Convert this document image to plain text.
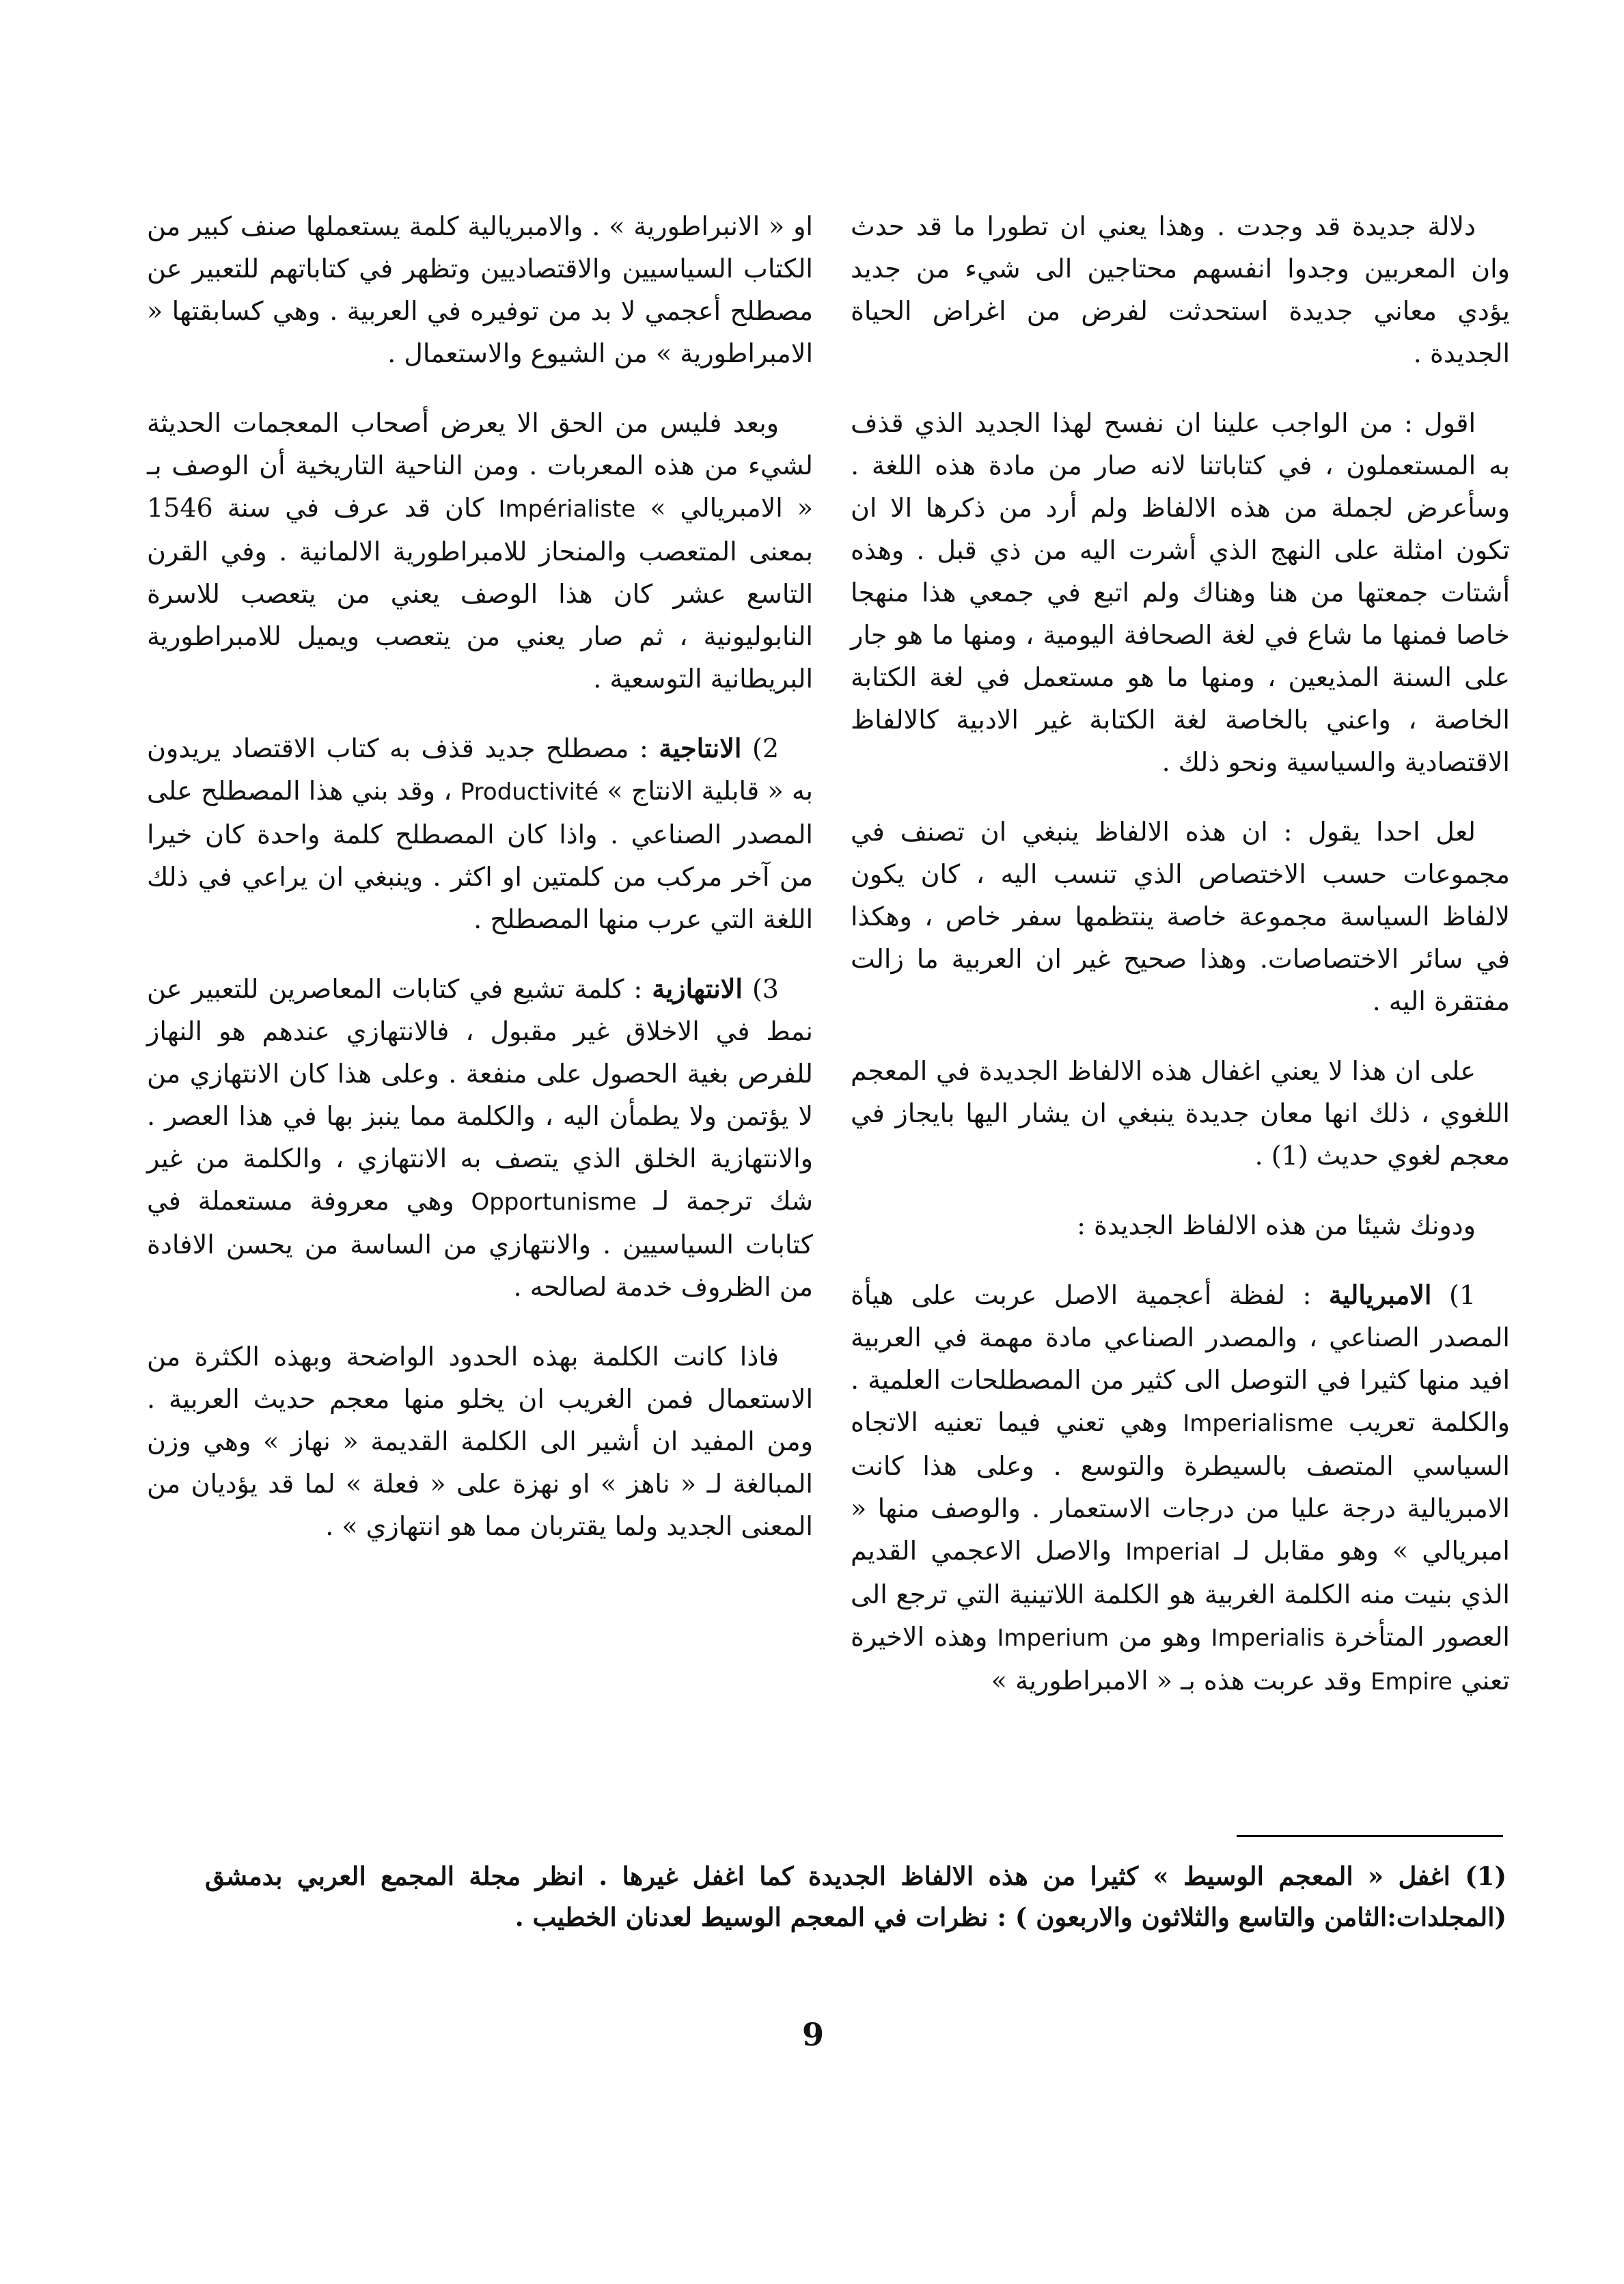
دلالة جديدة قد وجدت . وهذا يعني ان تطورا ما قد حدث وان المعربين وجدوا انفسهم محتاجين الى شيء من جديد يؤدي معاني جديدة استحدثت لفرض من اغراض الحياة الجديدة .

اقول : من الواجب علينا ان نفسح لهذا الجديد الذي قذف به المستعملون ، في كتاباتنا لانه صار من مادة هذه اللغة . وسأعرض لجملة من هذه الالفاظ ولم أرد من ذكرها الا ان تكون امثلة على النهج الذي أشرت اليه من ذي قبل . وهذه أشتات جمعتها من هنا وهناك ولم اتبع في جمعي هذا منهجا خاصا فمنها ما شاع في لغة الصحافة اليومية ، ومنها ما هو جار على السنة المذيعين ، ومنها ما هو مستعمل في لغة الكتابة الخاصة ، واعني بالخاصة لغة الكتابة غير الادبية كالالفاظ الاقتصادية والسياسية ونحو ذلك .

لعل احدا يقول : ان هذه الالفاظ ينبغي ان تصنف في مجموعات حسب الاختصاص الذي تنسب اليه ، كان يكون لالفاظ السياسة مجموعة خاصة ينتظمها سفر خاص ، وهكذا في سائر الاختصاصات. وهذا صحيح غير ان العربية ما زالت مفتقرة اليه .

على ان هذا لا يعني اغفال هذه الالفاظ الجديدة في المعجم اللغوي ، ذلك انها معان جديدة ينبغي ان يشار اليها بايجاز في معجم لغوي حديث (1) .

ودونك شيئا من هذه الالفاظ الجديدة :

1) الامبريالية : لفظة أعجمية الاصل عربت على هيأة المصدر الصناعي ، والمصدر الصناعي مادة مهمة في العربية افيد منها كثيرا في التوصل الى كثير من المصطلحات العلمية . والكلمة تعريب Imperialisme وهي تعني فيما تعنيه الاتجاه السياسي المتصف بالسيطرة والتوسع . وعلى هذا كانت الامبريالية درجة عليا من درجات الاستعمار . والوصف منها « امبريالي » وهو مقابل لـ Imperial والاصل الاعجمي القديم الذي بنيت منه الكلمة الغربية هو الكلمة اللاتينية التي ترجع الى العصور المتأخرة Imperialis وهو من Imperium وهذه الاخيرة تعني Empire وقد عربت هذه بـ « الامبراطورية »

او « الانبراطورية » . والامبريالية كلمة يستعملها صنف كبير من الكتاب السياسيين والاقتصاديين وتظهر في كتاباتهم للتعبير عن مصطلح أعجمي لا بد من توفيره في العربية . وهي كسابقتها « الامبراطورية » من الشيوع والاستعمال .

وبعد فليس من الحق الا يعرض أصحاب المعجمات الحديثة لشيء من هذه المعربات . ومن الناحية التاريخية أن الوصف بـ « الامبريالي » Impérialiste كان قد عرف في سنة 1546 بمعنى المتعصب والمنحاز للامبراطورية الالمانية . وفي القرن التاسع عشر كان هذا الوصف يعني من يتعصب للاسرة النابوليونية ، ثم صار يعني من يتعصب ويميل للامبراطورية البريطانية التوسعية .

2) الانتاجية : مصطلح جديد قذف به كتاب الاقتصاد يريدون به « قابلية الانتاج » Productivité ، وقد بني هذا المصطلح على المصدر الصناعي . واذا كان المصطلح كلمة واحدة كان خيرا من آخر مركب من كلمتين او اكثر . وينبغي ان يراعي في ذلك اللغة التي عرب منها المصطلح .

3) الانتهازية : كلمة تشيع في كتابات المعاصرين للتعبير عن نمط في الاخلاق غير مقبول ، فالانتهازي عندهم هو النهاز للفرص بغية الحصول على منفعة . وعلى هذا كان الانتهازي من لا يؤتمن ولا يطمأن اليه ، والكلمة مما ينبز بها في هذا العصر . والانتهازية الخلق الذي يتصف به الانتهازي ، والكلمة من غير شك ترجمة لـ Opportunisme وهي معروفة مستعملة في كتابات السياسيين . والانتهازي من الساسة من يحسن الافادة من الظروف خدمة لصالحه .

فاذا كانت الكلمة بهذه الحدود الواضحة وبهذه الكثرة من الاستعمال فمن الغريب ان يخلو منها معجم حديث العربية . ومن المفيد ان أشير الى الكلمة القديمة « نهاز » وهي وزن المبالغة لـ « ناهز » او نهزة على « فعلة » لما قد يؤديان من المعنى الجديد ولما يقتربان مما هو انتهازي » .

(1) اغفل « المعجم الوسيط » كثيرا من هذه الالفاظ الجديدة كما اغفل غيرها . انظر مجلة المجمع العربي بدمشق (المجلدات:الثامن والتاسع والثلاثون والاربعون ) : نظرات في المعجم الوسيط لعدنان الخطيب .
9
